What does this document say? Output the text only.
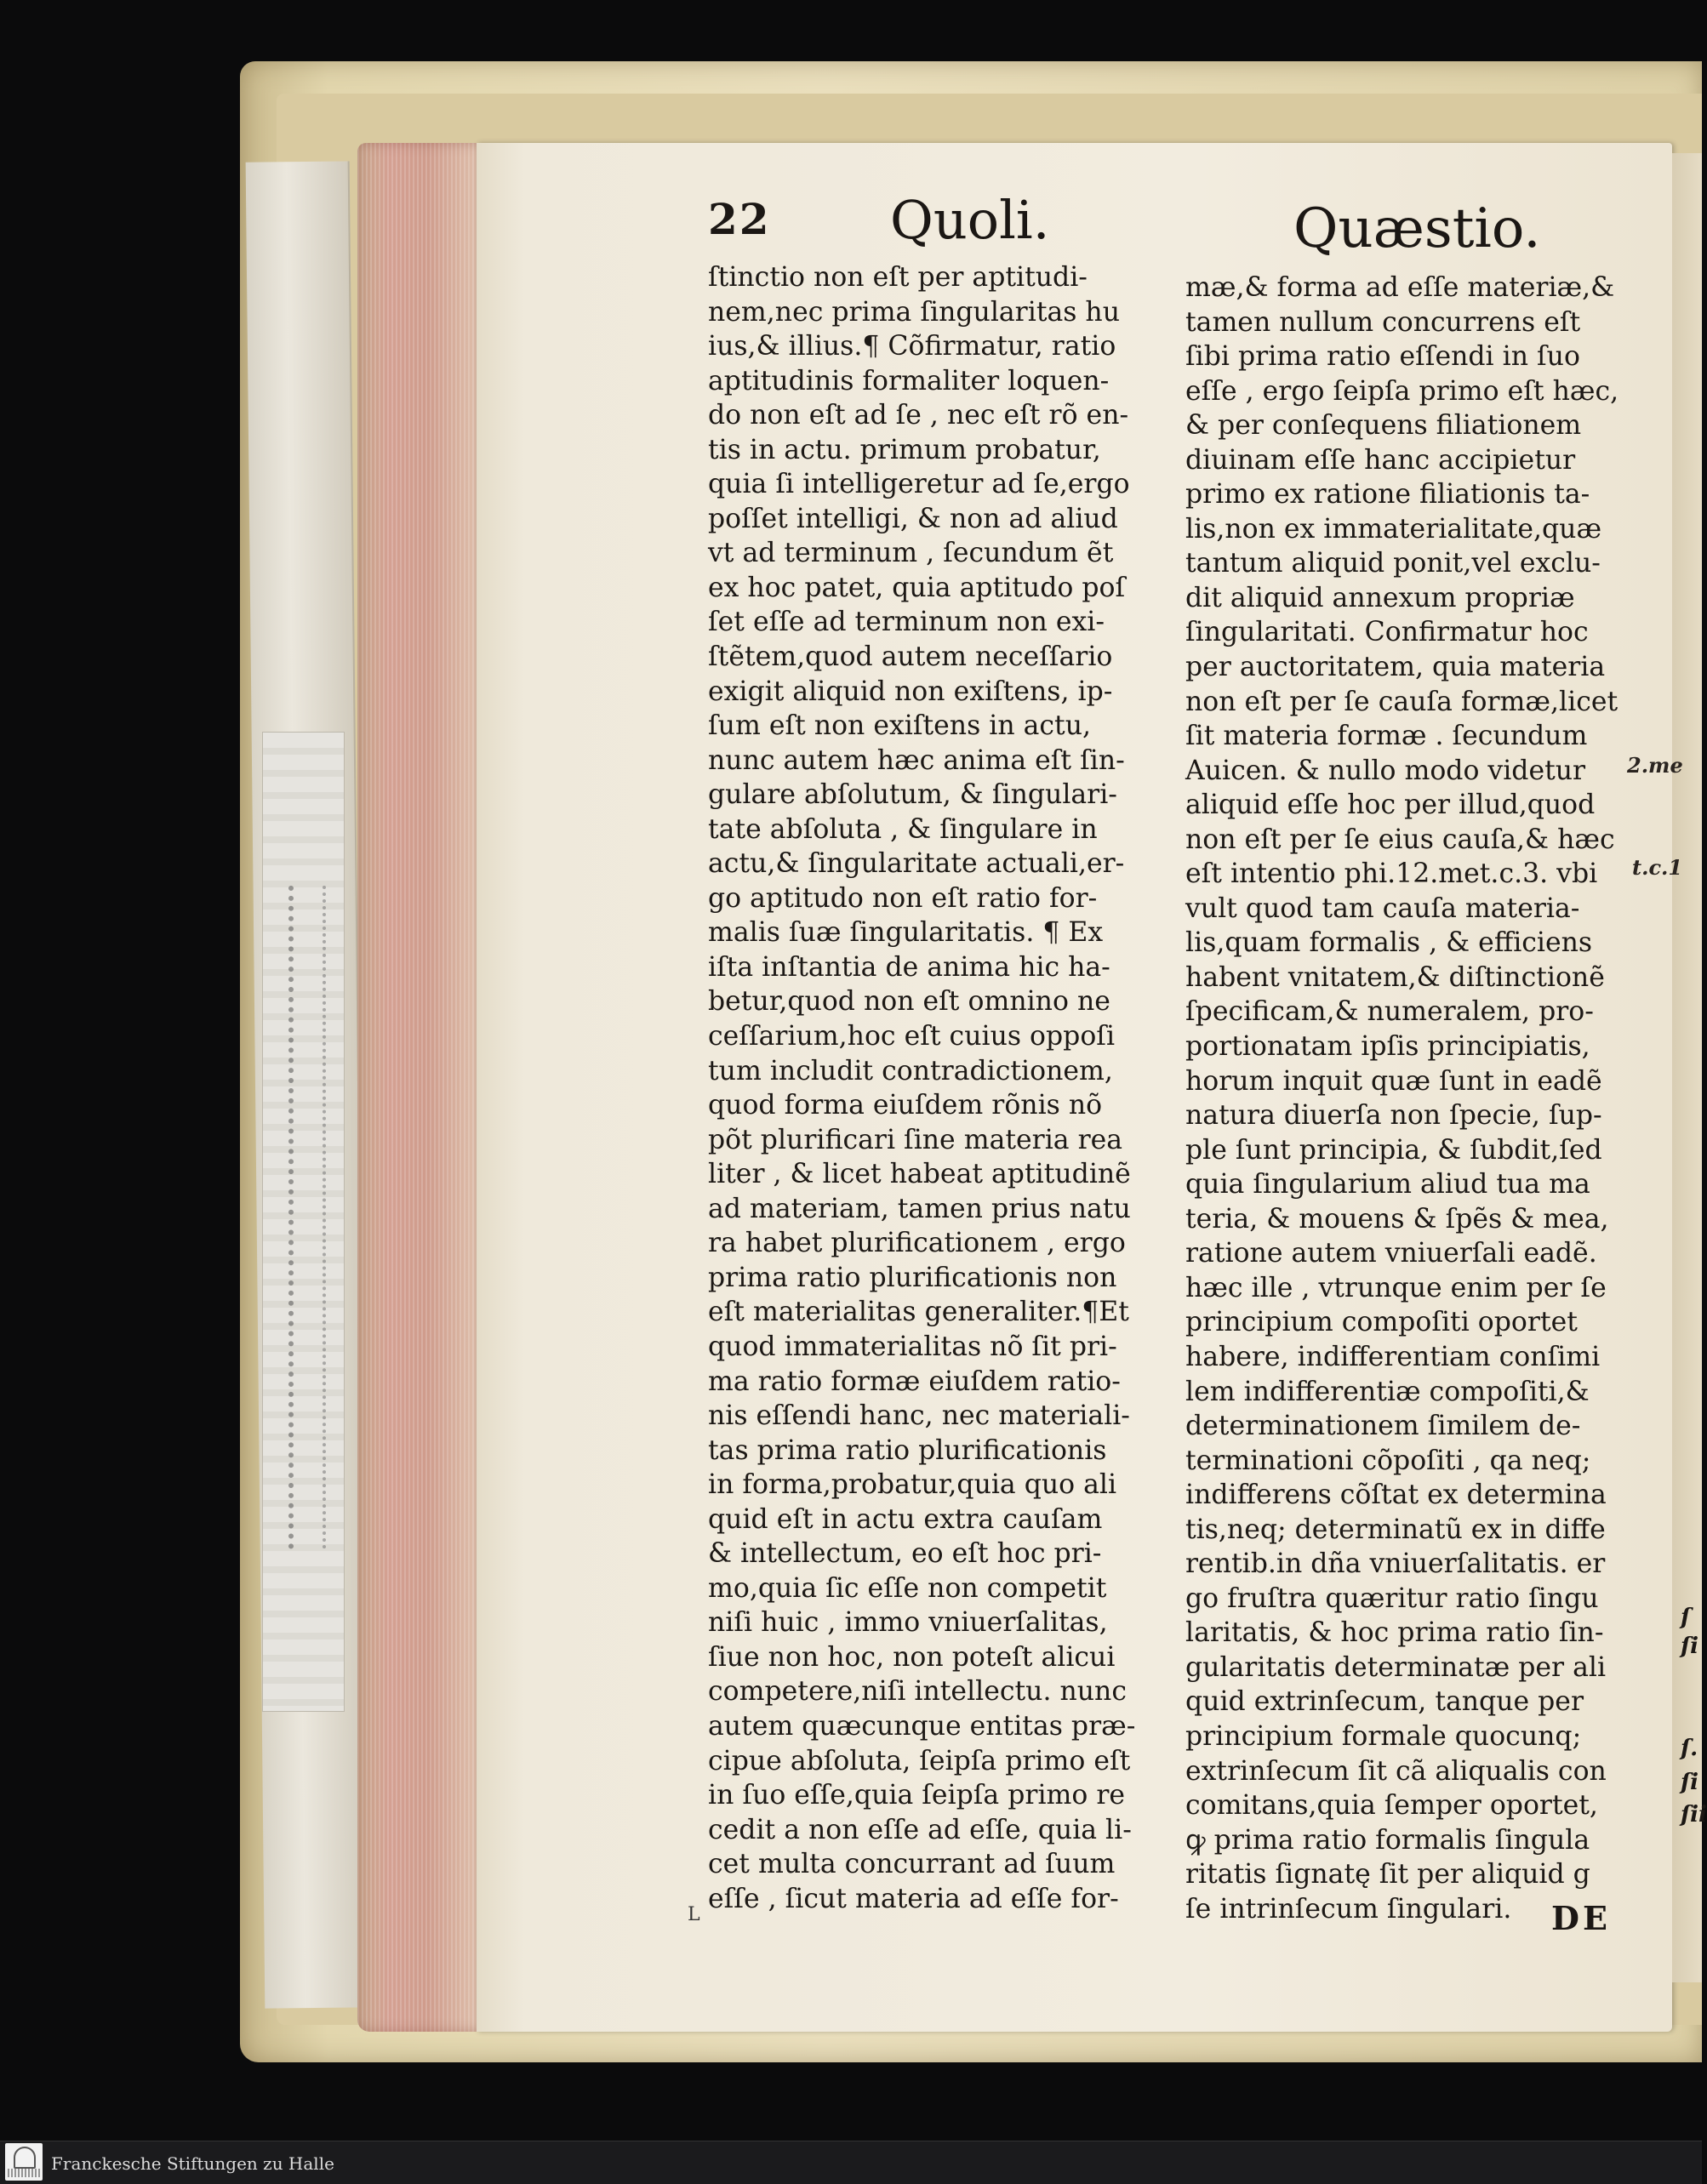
22 Quoli.	Quæstio.
ſtinctio non eſt per aptitudi-
nem,nec prima ſingularitas hu
ius,& illius.¶ Cõfirmatur, ratio
aptitudinis formaliter loquen-
do non eſt ad ſe , nec eſt rõ en-
tis in actu. primum probatur,
quia ſi intelligeretur ad ſe,ergo
poſſet intelligi, & non ad aliud
vt ad terminum , ſecundum ẽt
ex hoc patet, quia aptitudo poſ
ſet eſſe ad terminum non exi-
ſtẽtem,quod autem neceſſario
exigit aliquid non exiſtens, ip-
ſum eſt non exiſtens in actu,
nunc autem hæc anima eſt ſin-
gulare abſolutum, & ſingulari-
tate abſoluta , & ſingulare in
actu,& ſingularitate actuali,er-
go aptitudo non eſt ratio for-
malis ſuæ ſingularitatis. ¶ Ex
iſta inſtantia de anima hic ha-
betur,quod non eſt omnino ne
ceſſarium,hoc eſt cuius oppoſi
tum includit contradictionem,
quod forma eiuſdem rõnis nõ
põt plurificari ſine materia rea
liter , & licet habeat aptitudinẽ
ad materiam, tamen prius natu
ra habet plurificationem , ergo
prima ratio plurificationis non
eſt materialitas generaliter.¶Et
quod immaterialitas nõ ſit pri-
ma ratio formæ eiuſdem ratio-
nis eſſendi hanc, nec materiali-
tas prima ratio plurificationis
in forma,probatur,quia quo ali
quid eſt in actu extra cauſam
& intellectum, eo eſt hoc pri-
mo,quia ſic eſſe non competit
niſi huic , immo vniuerſalitas,
ſiue non hoc, non poteſt alicui
competere,niſi intellectu. nunc
autem quæcunque entitas præ-
cipue abſoluta, ſeipſa primo eſt
in ſuo eſſe,quia ſeipſa primo re
cedit a non eſſe ad eſſe, quia li-
cet multa concurrant ad ſuum
eſſe , ſicut materia ad eſſe for-
mæ,& forma ad eſſe materiæ,&
tamen nullum concurrens eſt
ſibi prima ratio eſſendi in ſuo
eſſe , ergo ſeipſa primo eſt hæc,
& per conſequens filiationem
diuinam eſſe hanc accipietur
primo ex ratione filiationis ta-
lis,non ex immaterialitate,quæ
tantum aliquid ponit,vel exclu-
dit aliquid annexum propriæ
ſingularitati. Confirmatur hoc
per auctoritatem, quia materia
non eſt per ſe cauſa formæ,licet
ſit materia formæ . ſecundum
Auicen. & nullo modo videtur
aliquid eſſe hoc per illud,quod
non eſt per ſe eius cauſa,& hæc
eſt intentio phi.12.met.c.3. vbi
vult quod tam cauſa materia-
lis,quam formalis , & efficiens
habent vnitatem,& diſtinctionẽ
ſpecificam,& numeralem, pro-
portionatam ipſis principiatis,
horum inquit quæ ſunt in eadẽ
natura diuerſa non ſpecie, ſup-
ple ſunt principia, & ſubdit,ſed
quia ſingularium aliud tua ma
teria, & mouens & ſpẽs & mea,
ratione autem vniuerſali eadẽ.
hæc ille , vtrunque enim per ſe
principium compoſiti oportet
habere, indifferentiam conſimi
lem indifferentiæ compoſiti,&
determinationem ſimilem de-
terminationi cõpoſiti , qa neq;
indifferens cõſtat ex determina
tis,neq; determinatũ ex in diffe
rentib.in dña vniuerſalitatis. er
go fruſtra quæritur ratio ſingu
laritatis, & hoc prima ratio ſin-
gularitatis determinatæ per ali
quid extrinſecum, tanque per
principium formale quocunq;
extrinſecum ſit cã aliqualis con
comitans,quia ſemper oportet,
ꝙ prima ratio formalis ſingula
ritatis ſignatę ſit per aliquid g
ſe intrinſecum ſingulari.
2.me
t.c.1
ſ
ſi
ſ.
ſi
ſii
L	DE
Franckesche Stiftungen zu Halle
